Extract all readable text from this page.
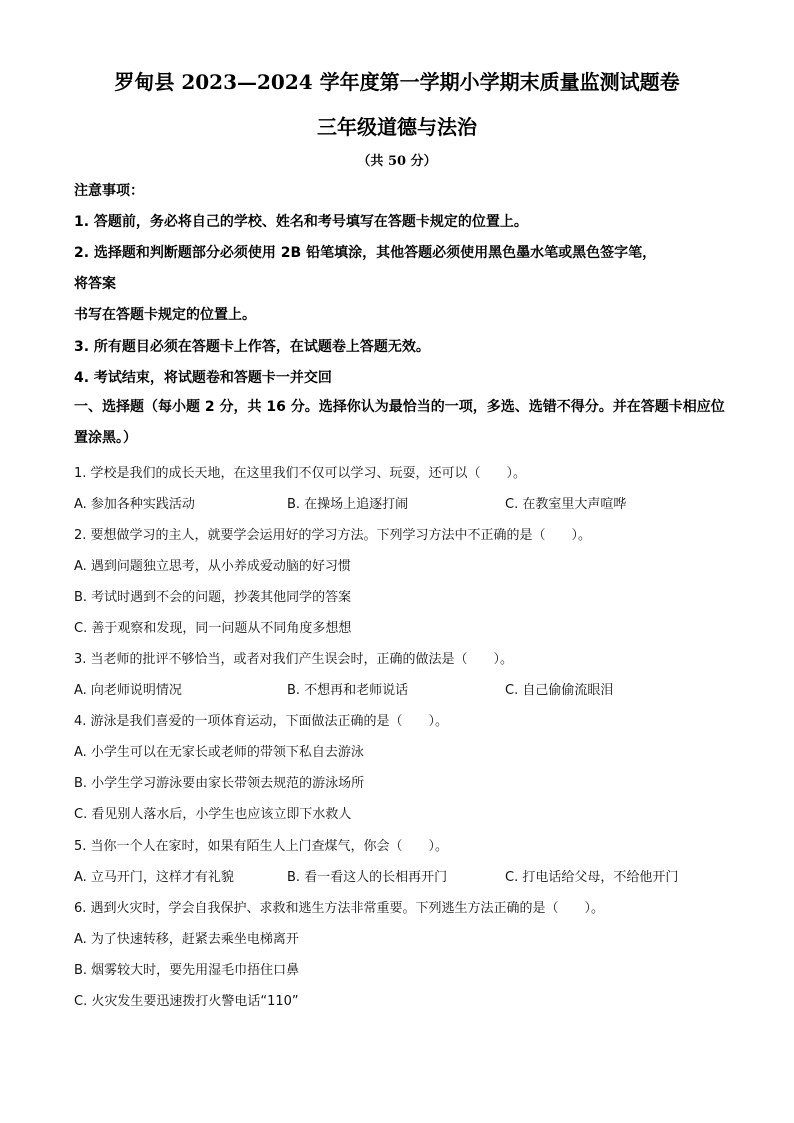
罗甸县 2023—2024 学年度第一学期小学期末质量监测试题卷
三年级道德与法治
（共 50 分）
注意事项：
1. 答题前，务必将自己的学校、姓名和考号填写在答题卡规定的位置上。
2. 选择题和判断题部分必须使用 2B 铅笔填涂，其他答题必须使用黑色墨水笔或黑色签字笔，
将答案
书写在答题卡规定的位置上。
3. 所有题目必须在答题卡上作答，在试题卷上答题无效。
4. 考试结束，将试题卷和答题卡一并交回
一、选择题（每小题 2 分，共 16 分。选择你认为最恰当的一项，多选、选错不得分。并在答题卡相应位置涂黑。）
1. 学校是我们的成长天地，在这里我们不仅可以学习、玩耍，还可以（　　）。
A. 参加各种实践活动	B. 在操场上追逐打闹	C. 在教室里大声喧哗
2. 要想做学习的主人，就要学会运用好的学习方法。下列学习方法中不正确的是（　　）。
A. 遇到问题独立思考，从小养成爱动脑的好习惯
B. 考试时遇到不会的问题，抄袭其他同学的答案
C. 善于观察和发现，同一问题从不同角度多想想
3. 当老师的批评不够恰当，或者对我们产生误会时，正确的做法是（　　）。
A. 向老师说明情况	B. 不想再和老师说话	C. 自己偷偷流眼泪
4. 游泳是我们喜爱的一项体育运动，下面做法正确的是（　　）。
A. 小学生可以在无家长或老师的带领下私自去游泳
B. 小学生学习游泳要由家长带领去规范的游泳场所
C. 看见别人落水后，小学生也应该立即下水救人
5. 当你一个人在家时，如果有陌生人上门查煤气，你会（　　）。
A. 立马开门，这样才有礼貌	B. 看一看这人的长相再开门	C. 打电话给父母，不给他开门
6. 遇到火灾时，学会自我保护、求救和逃生方法非常重要。下列逃生方法正确的是（　　）。
A. 为了快速转移，赶紧去乘坐电梯离开
B. 烟雾较大时，要先用湿毛巾捂住口鼻
C. 火灾发生要迅速拨打火警电话“110”
